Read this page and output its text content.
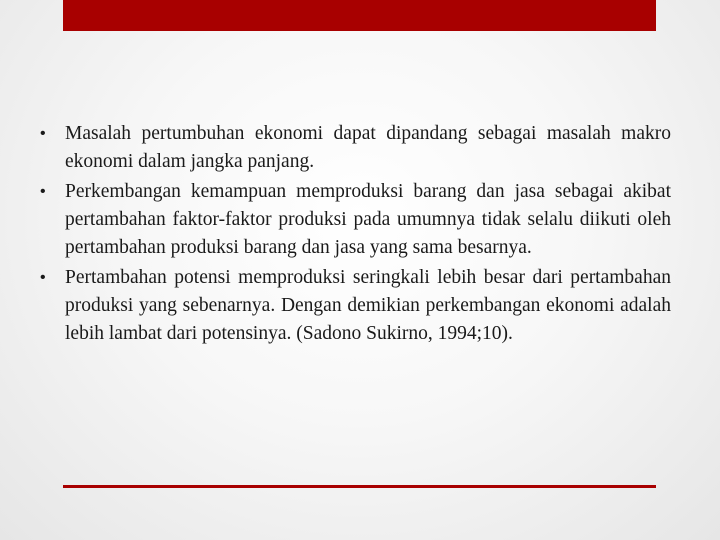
• Masalah pertumbuhan ekonomi dapat dipandang sebagai masalah makro ekonomi dalam jangka panjang.
• Perkembangan kemampuan memproduksi barang dan jasa sebagai akibat pertambahan faktor-faktor produksi pada umumnya tidak selalu diikuti oleh pertambahan produksi barang dan jasa yang sama besarnya.
• Pertambahan potensi memproduksi seringkali lebih besar dari pertambahan produksi yang sebenarnya. Dengan demikian perkembangan ekonomi adalah lebih lambat dari potensinya. (Sadono Sukirno, 1994;10).
